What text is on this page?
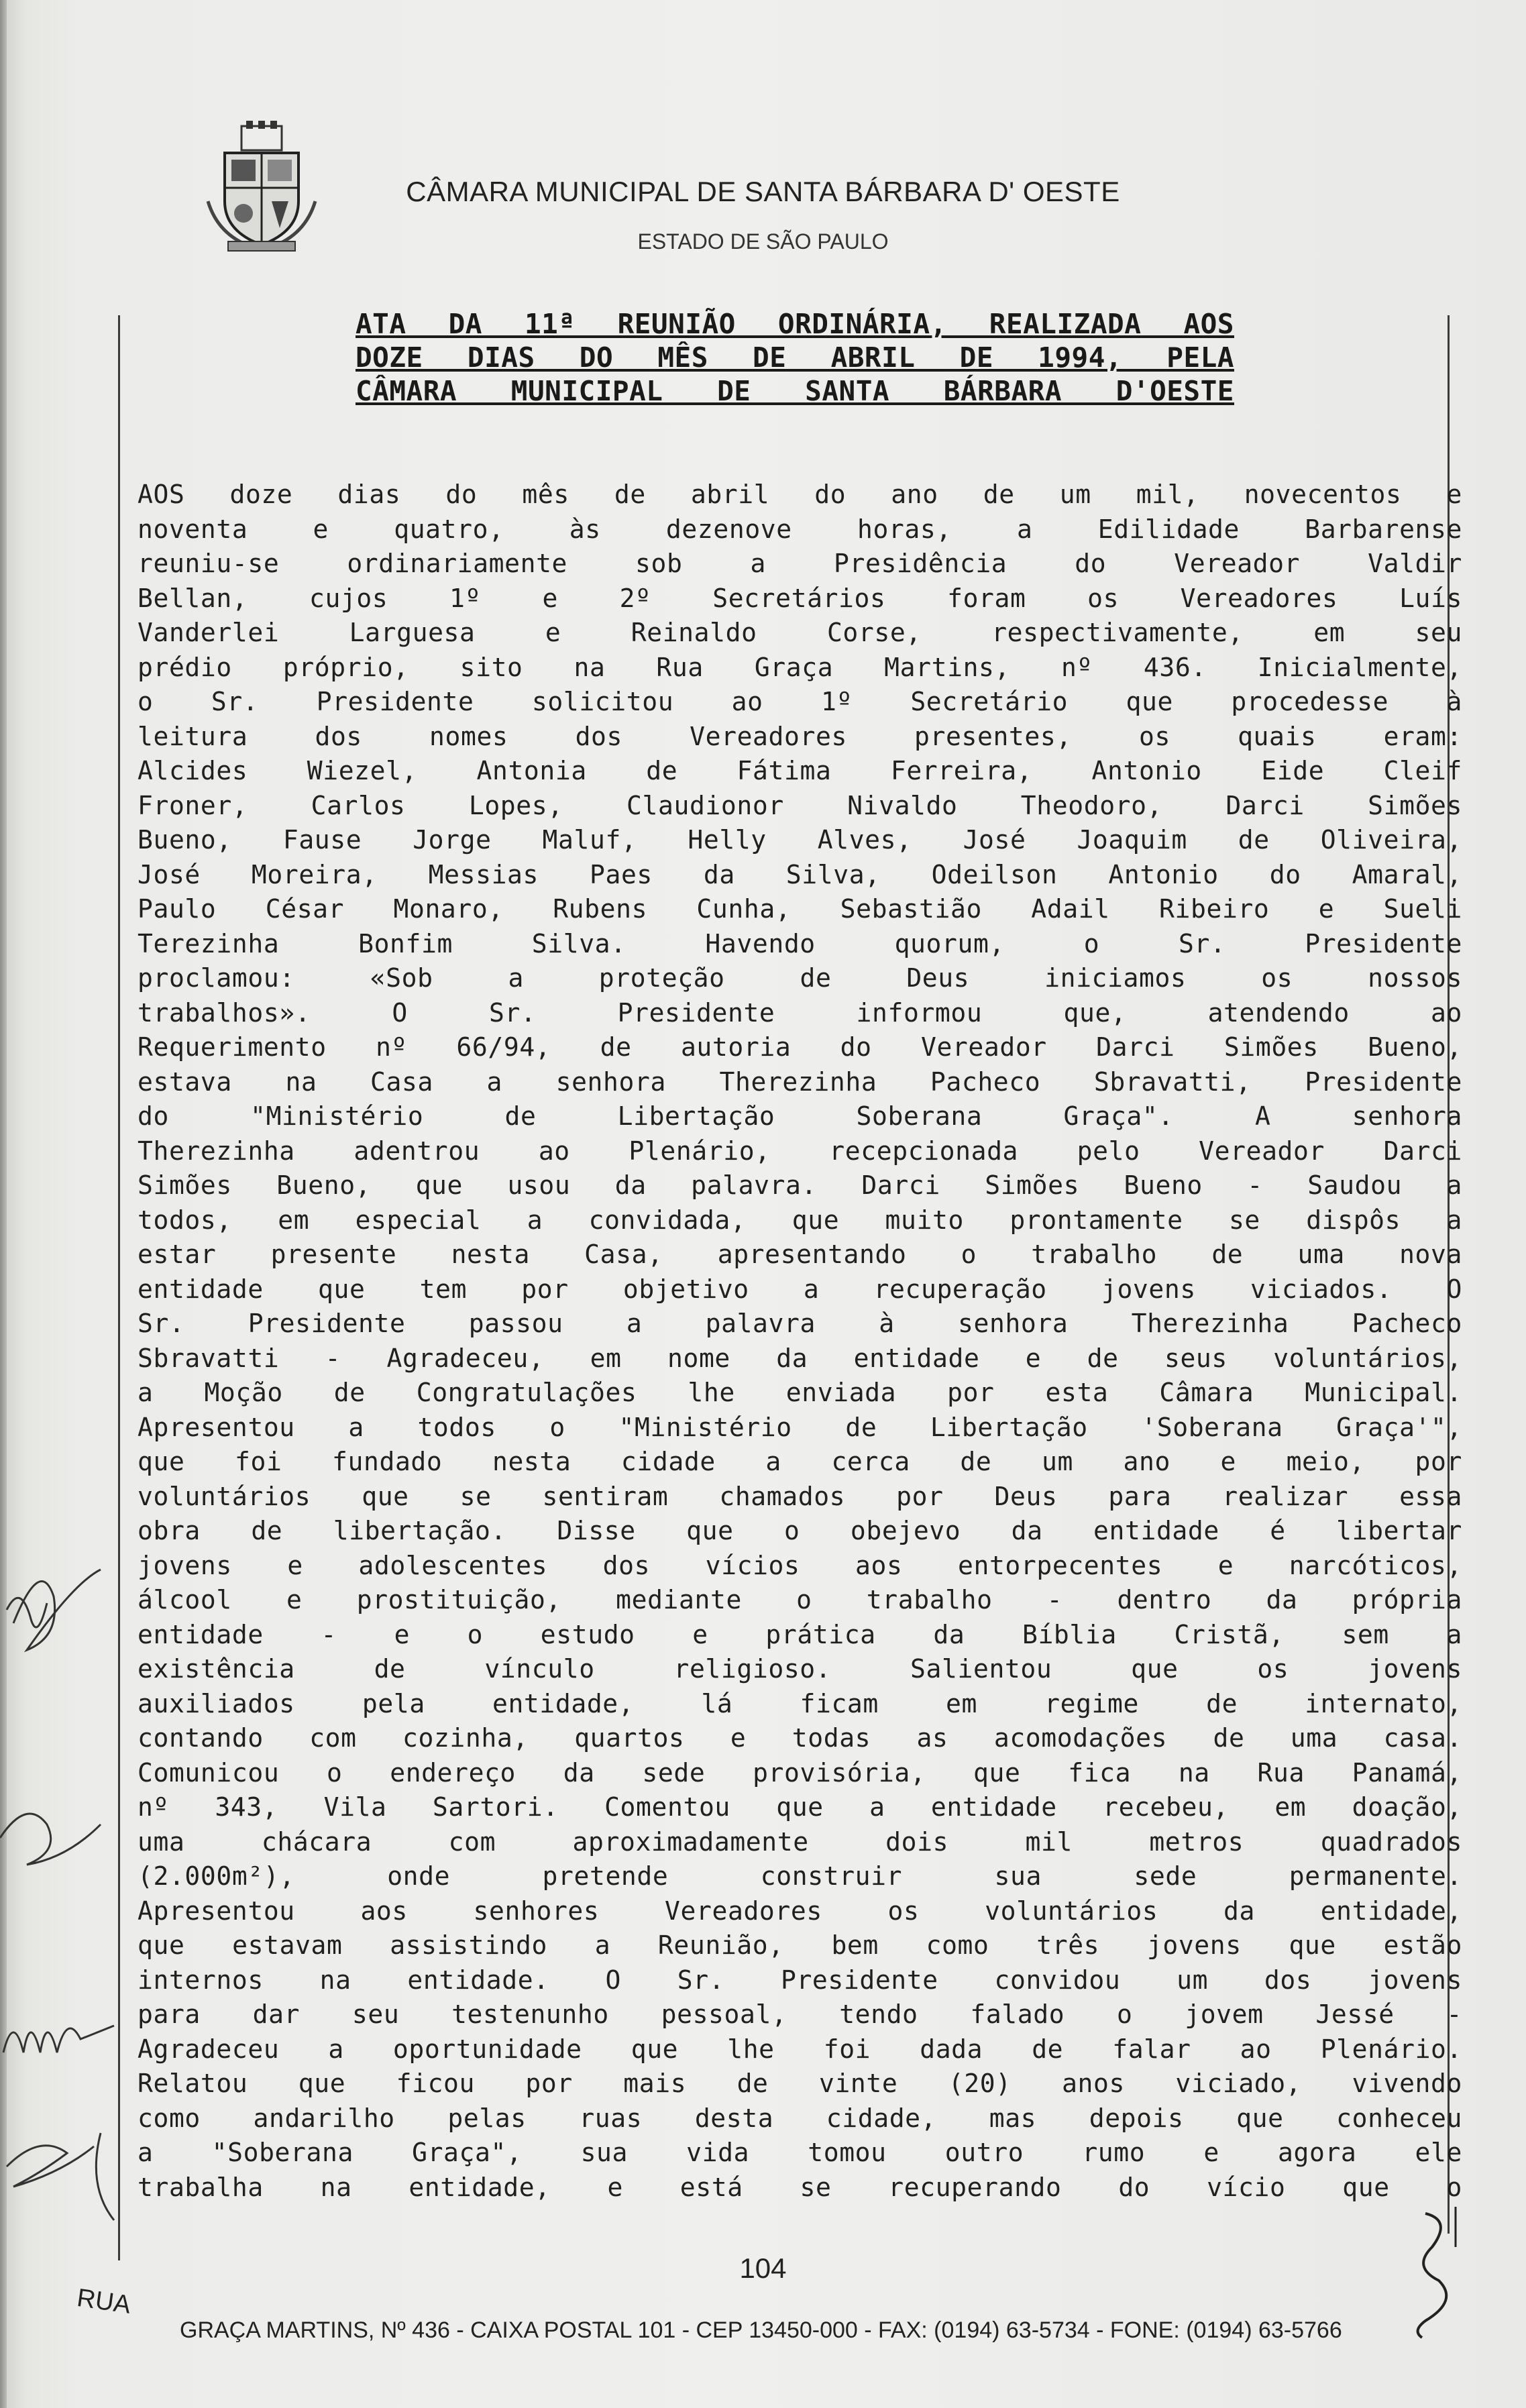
CÂMARA MUNICIPAL DE SANTA BÁRBARA D' OESTE
ESTADO DE SÃO PAULO
ATA DA 11ª REUNIÃO ORDINÁRIA, REALIZADA AOS
DOZE DIAS DO MÊS DE ABRIL DE 1994, PELA
CÂMARA MUNICIPAL DE SANTA BÁRBARA D'OESTE
AOS doze dias do mês de abril do ano de um mil, novecentos e
noventa e quatro, às dezenove horas, a Edilidade Barbarense
reuniu-se ordinariamente sob a Presidência do Vereador Valdir
Bellan, cujos 1º e 2º Secretários foram os Vereadores Luís
Vanderlei Larguesa e Reinaldo Corse, respectivamente, em seu
prédio próprio, sito na Rua Graça Martins, nº 436. Inicialmente,
o Sr. Presidente solicitou ao 1º Secretário que procedesse à
leitura dos nomes dos Vereadores presentes, os quais eram:
Alcides Wiezel, Antonia de Fátima Ferreira, Antonio Eide Cleif
Froner, Carlos Lopes, Claudionor Nivaldo Theodoro, Darci Simões
Bueno, Fause Jorge Maluf, Helly Alves, José Joaquim de Oliveira,
José Moreira, Messias Paes da Silva, Odeilson Antonio do Amaral,
Paulo César Monaro, Rubens Cunha, Sebastião Adail Ribeiro e Sueli
Terezinha Bonfim Silva. Havendo quorum, o Sr. Presidente
proclamou: «Sob a proteção de Deus iniciamos os nossos
trabalhos». O Sr. Presidente informou que, atendendo ao
Requerimento nº 66/94, de autoria do Vereador Darci Simões Bueno,
estava na Casa a senhora Therezinha Pacheco Sbravatti, Presidente
do "Ministério de Libertação Soberana Graça". A senhora
Therezinha adentrou ao Plenário, recepcionada pelo Vereador Darci
Simões Bueno, que usou da palavra. Darci Simões Bueno - Saudou a
todos, em especial a convidada, que muito prontamente se dispôs a
estar presente nesta Casa, apresentando o trabalho de uma nova
entidade que tem por objetivo a recuperação jovens viciados. O
Sr. Presidente passou a palavra à senhora Therezinha Pacheco
Sbravatti - Agradeceu, em nome da entidade e de seus voluntários,
a Moção de Congratulações lhe enviada por esta Câmara Municipal.
Apresentou a todos o "Ministério de Libertação 'Soberana Graça'",
que foi fundado nesta cidade a cerca de um ano e meio, por
voluntários que se sentiram chamados por Deus para realizar essa
obra de libertação. Disse que o obejevo da entidade é libertar
jovens e adolescentes dos vícios aos entorpecentes e narcóticos,
álcool e prostituição, mediante o trabalho - dentro da própria
entidade - e o estudo e prática da Bíblia Cristã, sem a
existência de vínculo religioso. Salientou que os jovens
auxiliados pela entidade, lá ficam em regime de internato,
contando com cozinha, quartos e todas as acomodações de uma casa.
Comunicou o endereço da sede provisória, que fica na Rua Panamá,
nº 343, Vila Sartori. Comentou que a entidade recebeu, em doação,
uma chácara com aproximadamente dois mil metros quadrados
(2.000m²), onde pretende construir sua sede permanente.
Apresentou aos senhores Vereadores os voluntários da entidade,
que estavam assistindo a Reunião, bem como três jovens que estão
internos na entidade. O Sr. Presidente convidou um dos jovens
para dar seu testenunho pessoal, tendo falado o jovem Jessé -
Agradeceu a oportunidade que lhe foi dada de falar ao Plenário.
Relatou que ficou por mais de vinte (20) anos viciado, vivendo
como andarilho pelas ruas desta cidade, mas depois que conheceu
a "Soberana Graça", sua vida tomou outro rumo e agora ele
trabalha na entidade, e está se recuperando do vício que o
104
RUA
GRAÇA MARTINS, Nº 436 - CAIXA POSTAL 101 - CEP 13450-000 - FAX: (0194) 63-5734 - FONE: (0194) 63-5766
